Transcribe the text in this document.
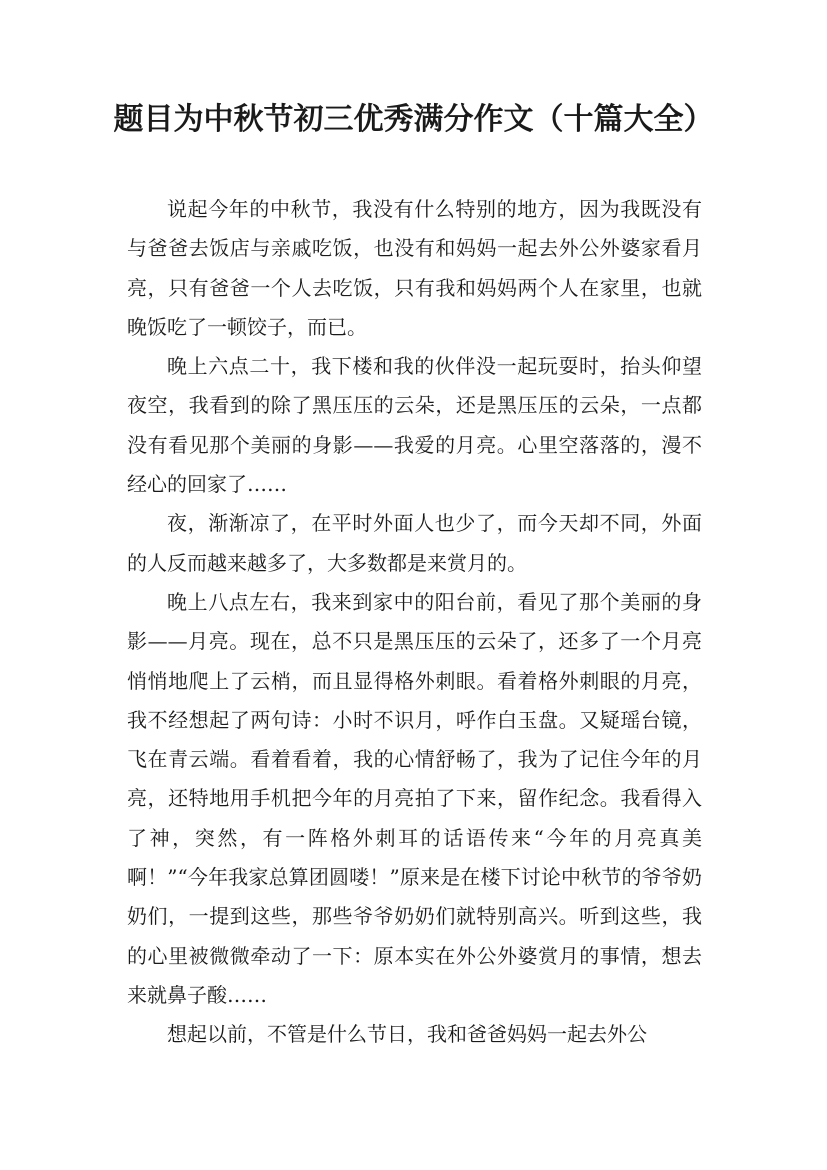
题目为中秋节初三优秀满分作文（十篇大全）

说起今年的中秋节，我没有什么特别的地方，因为我既没有与爸爸去饭店与亲戚吃饭，也没有和妈妈一起去外公外婆家看月亮，只有爸爸一个人去吃饭，只有我和妈妈两个人在家里，也就晚饭吃了一顿饺子，而已。

晚上六点二十，我下楼和我的伙伴没一起玩耍时，抬头仰望夜空，我看到的除了黑压压的云朵，还是黑压压的云朵，一点都没有看见那个美丽的身影——我爱的月亮。心里空落落的，漫不经心的回家了……

夜，渐渐凉了，在平时外面人也少了，而今天却不同，外面的人反而越来越多了，大多数都是来赏月的。

晚上八点左右，我来到家中的阳台前，看见了那个美丽的身影——月亮。现在，总不只是黑压压的云朵了，还多了一个月亮悄悄地爬上了云梢，而且显得格外刺眼。看着格外刺眼的月亮，我不经想起了两句诗：小时不识月，呼作白玉盘。又疑瑶台镜，飞在青云端。看着看着，我的心情舒畅了，我为了记住今年的月亮，还特地用手机把今年的月亮拍了下来，留作纪念。我看得入了神，突然，有一阵格外刺耳的话语传来“今年的月亮真美啊！”“今年我家总算团圆喽！”原来是在楼下讨论中秋节的爷爷奶奶们，一提到这些，那些爷爷奶奶们就特别高兴。听到这些，我的心里被微微牵动了一下：原本实在外公外婆赏月的事情，想去来就鼻子酸……

想起以前，不管是什么节日，我和爸爸妈妈一起去外公
